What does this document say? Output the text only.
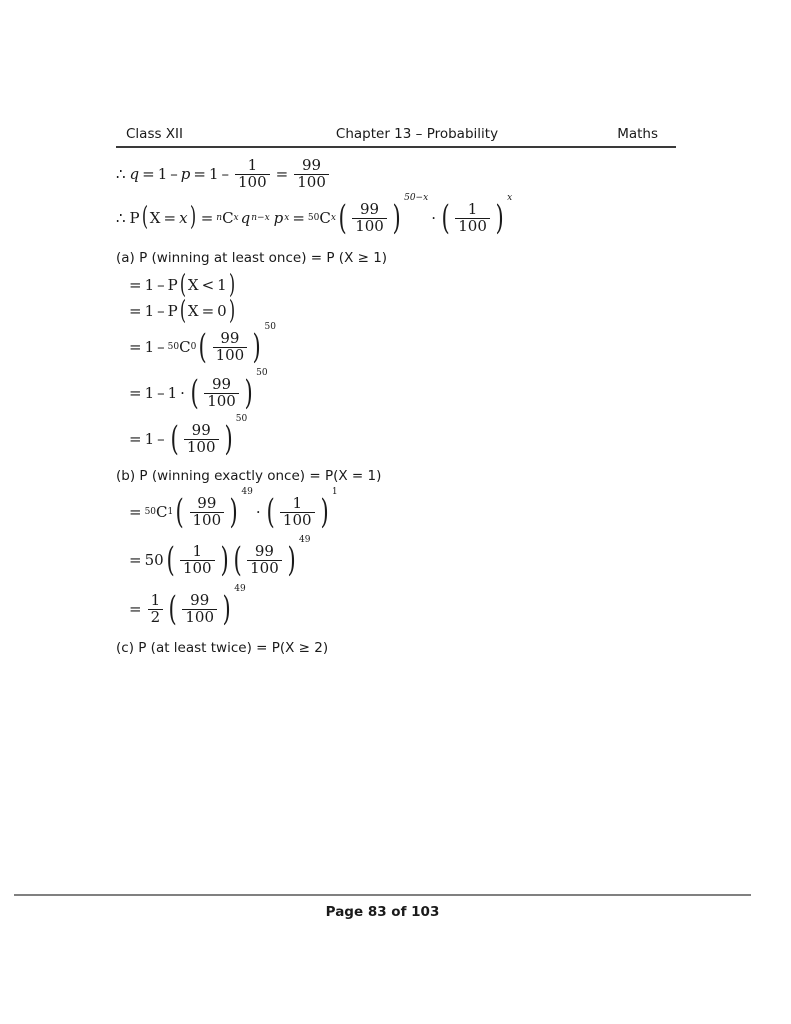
Class XII	Chapter 13 – Probability	Maths
∴ $q = 1 - p = 1 - \frac{1}{100} = \frac{99}{100}$
∴ P ( X = x ) = n C x q n−x p x = 50 C x ( $\frac{99}{100}$ ) $^{50-x}$
· ( $\frac{1}{100}$ ) $^x$
(a) P (winning at least once) = P (X ≥ 1)
= 1 – P ( X < 1 )
= 1 – P ( X = 0 )
= 1 – 50 C 0 ( $\frac{99}{100}$ ) $^{50}$
= 1 – 1 · ( $\frac{99}{100}$ ) $^{50}$
= 1 – ( $\frac{99}{100}$ ) $^{50}$
(b) P (winning exactly once) = P(X = 1)
= 50 C 1 ( $\frac{99}{100}$ ) $^{49}$
· ( $\frac{1}{100}$ ) $^1$
= 50 ( $\frac{1}{100}$ ) ( $\frac{99}{100}$ ) $^{49}$
= $\frac{1}{2}$ ( $\frac{99}{100}$ ) $^{49}$
(c) P (at least twice) = P(X ≥ 2)
Page 83 of 103
